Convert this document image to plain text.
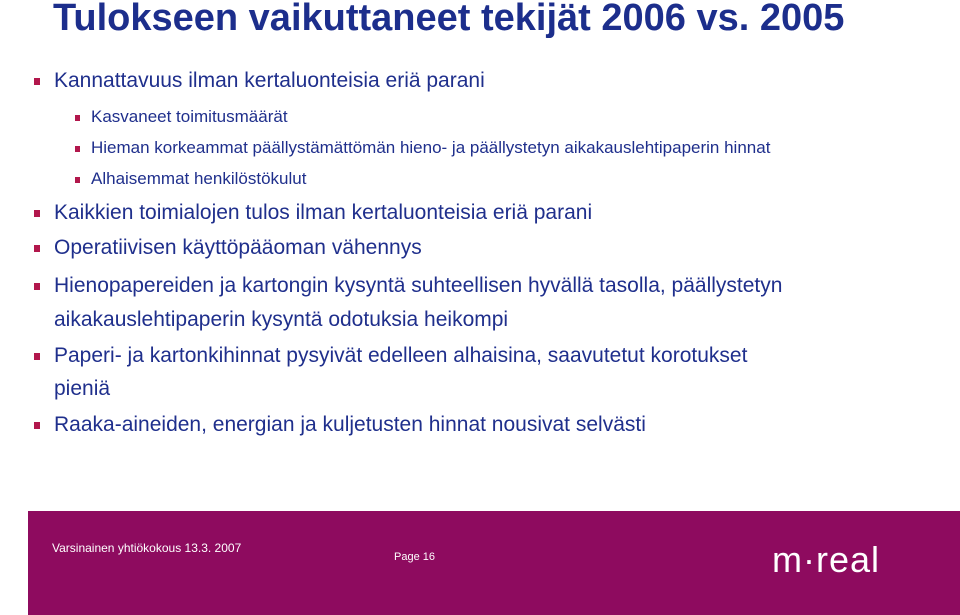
Tulokseen vaikuttaneet tekijät 2006 vs. 2005
Kannattavuus ilman kertaluonteisia eriä parani
Kasvaneet toimitusmäärät
Hieman korkeammat päällystämättömän hieno- ja päällystetyn aikakauslehtipaperin hinnat
Alhaisemmat henkilöstökulut
Kaikkien toimialojen tulos ilman kertaluonteisia eriä parani
Operatiivisen käyttöpääoman vähennys
Hienopapereiden ja kartongin kysyntä suhteellisen hyvällä tasolla, päällystetyn
aikakauslehtipaperin kysyntä odotuksia heikompi
Paperi- ja kartonkihinnat pysyivät edelleen alhaisina, saavutetut korotukset
pieniä
Raaka-aineiden, energian ja kuljetusten hinnat nousivat selvästi
Varsinainen yhtiökokous 13.3. 2007
Page 16	m·real
